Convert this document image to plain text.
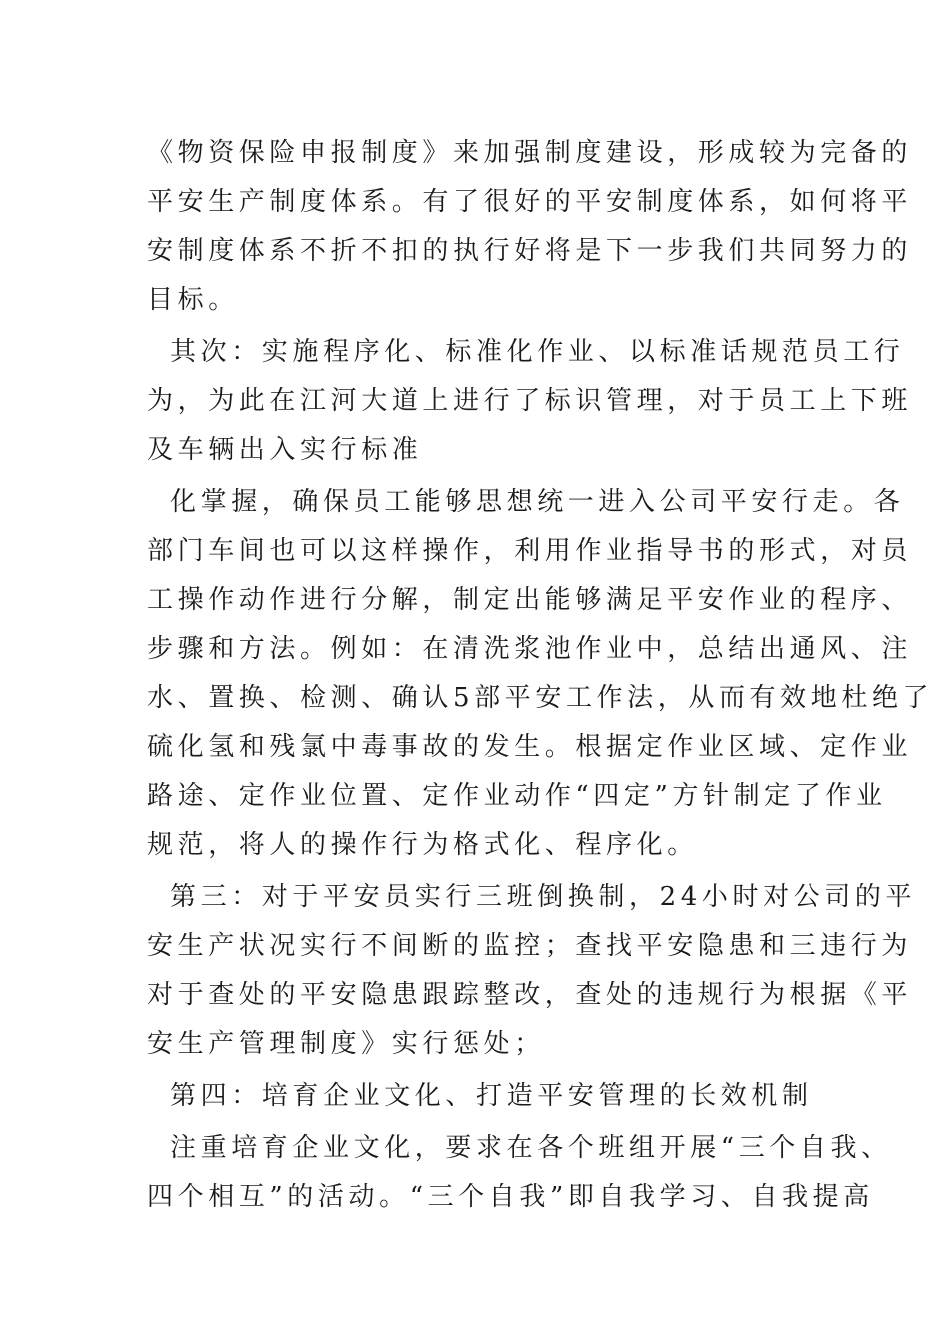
《物资保险申报制度》来加强制度建设，形成较为完备的
平安生产制度体系。有了很好的平安制度体系，如何将平
安制度体系不折不扣的执行好将是下一步我们共同努力的
目标。
其次：实施程序化、标准化作业、以标准话规范员工行
为，为此在江河大道上进行了标识管理，对于员工上下班
及车辆出入实行标准
化掌握，确保员工能够思想统一进入公司平安行走。各
部门车间也可以这样操作，利用作业指导书的形式，对员
工操作动作进行分解，制定出能够满足平安作业的程序、
步骤和方法。例如：在清洗浆池作业中，总结出通风、注
水、置换、检测、确认5部平安工作法，从而有效地杜绝了
硫化氢和残氯中毒事故的发生。根据定作业区域、定作业
路途、定作业位置、定作业动作“四定”方针制定了作业
规范，将人的操作行为格式化、程序化。
第三：对于平安员实行三班倒换制，24小时对公司的平
安生产状况实行不间断的监控；查找平安隐患和三违行为
对于查处的平安隐患跟踪整改，查处的违规行为根据《平
安生产管理制度》实行惩处；
第四：培育企业文化、打造平安管理的长效机制
注重培育企业文化，要求在各个班组开展“三个自我、
四个相互”的活动。“三个自我”即自我学习、自我提高
